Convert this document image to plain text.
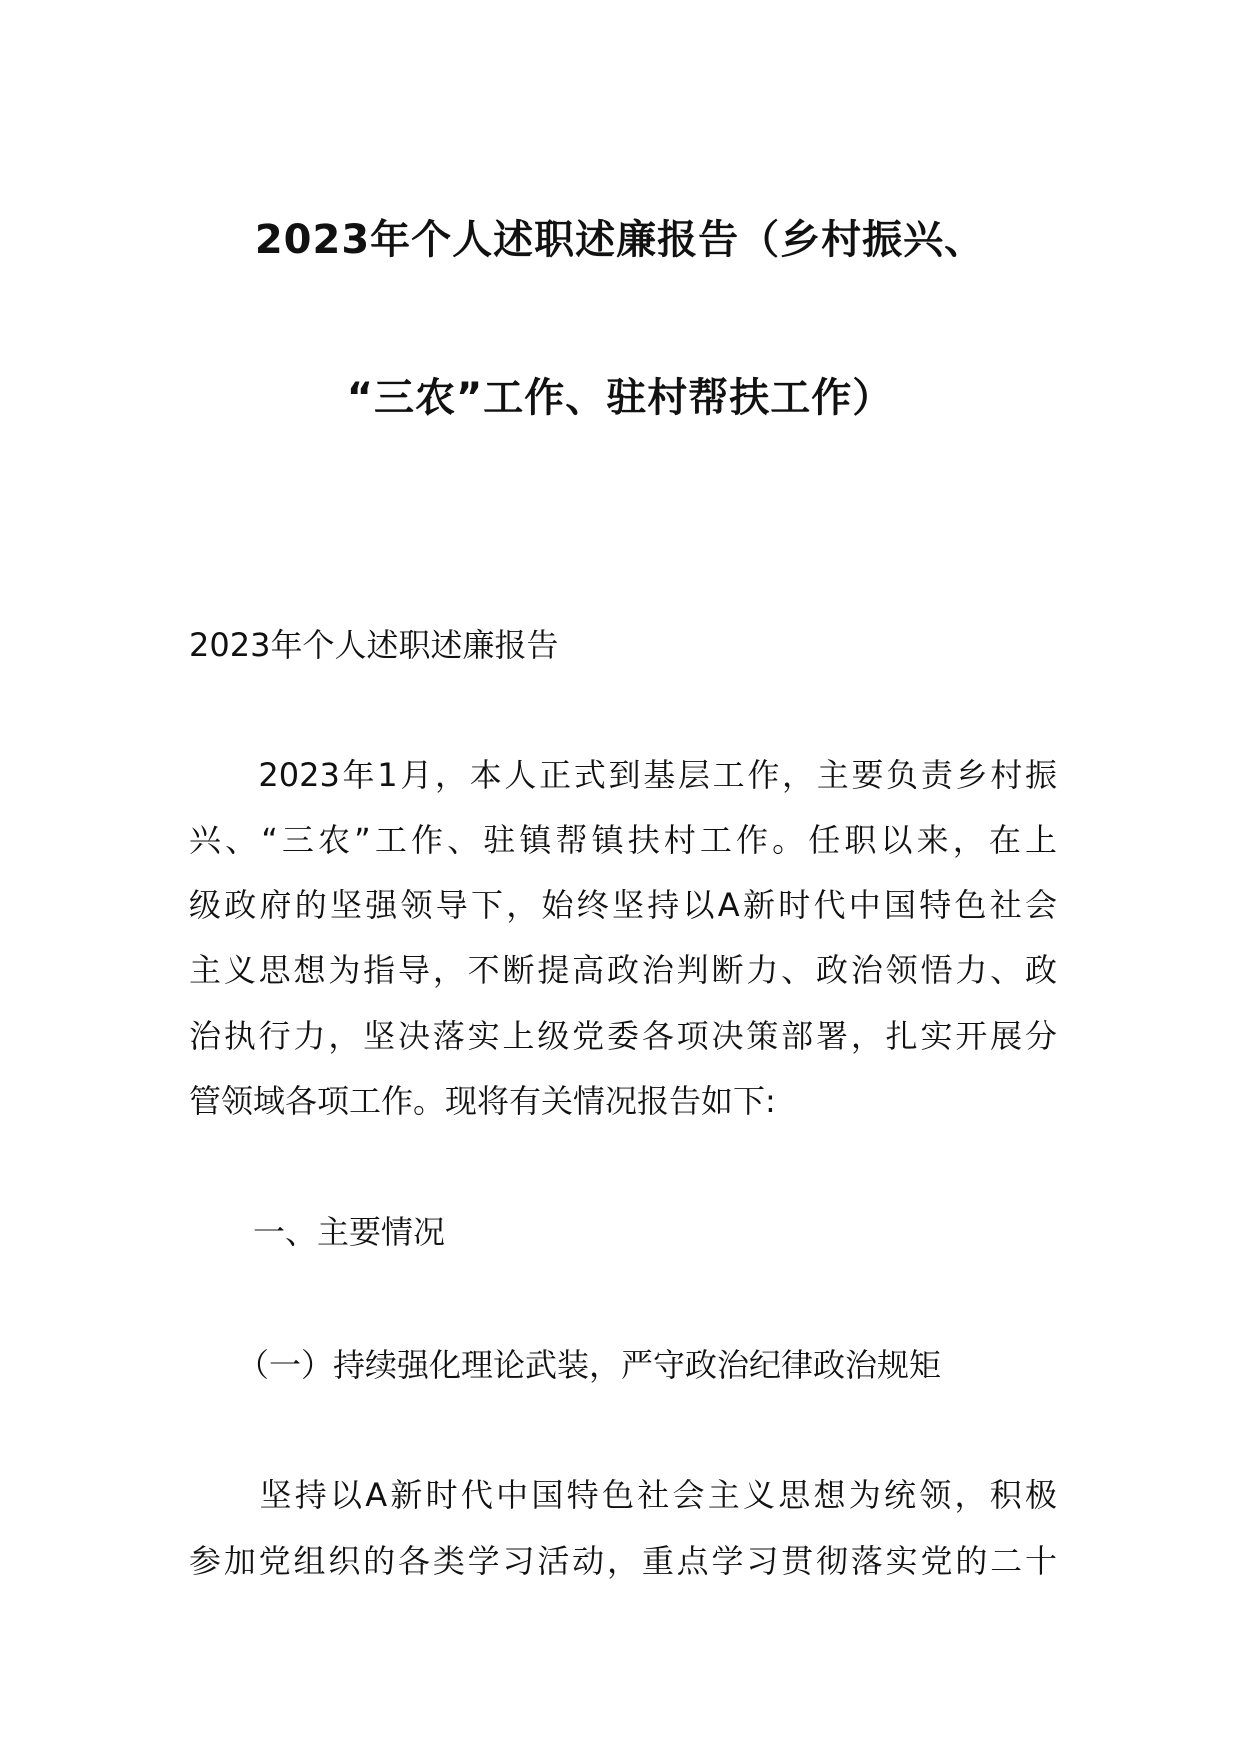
2023年个人述职述廉报告（乡村振兴、
“三农”工作、驻村帮扶工作）
2023年个人述职述廉报告
　　2023年1月，本人正式到基层工作，主要负责乡村振
兴、“三农”工作、驻镇帮镇扶村工作。任职以来，在上
级政府的坚强领导下，始终坚持以A新时代中国特色社会
主义思想为指导，不断提高政治判断力、政治领悟力、政
治执行力，坚决落实上级党委各项决策部署，扎实开展分
管领域各项工作。现将有关情况报告如下:
　　一、主要情况
　　（一）持续强化理论武装，严守政治纪律政治规矩
　　坚持以A新时代中国特色社会主义思想为统领，积极
参加党组织的各类学习活动，重点学习贯彻落实党的二十
